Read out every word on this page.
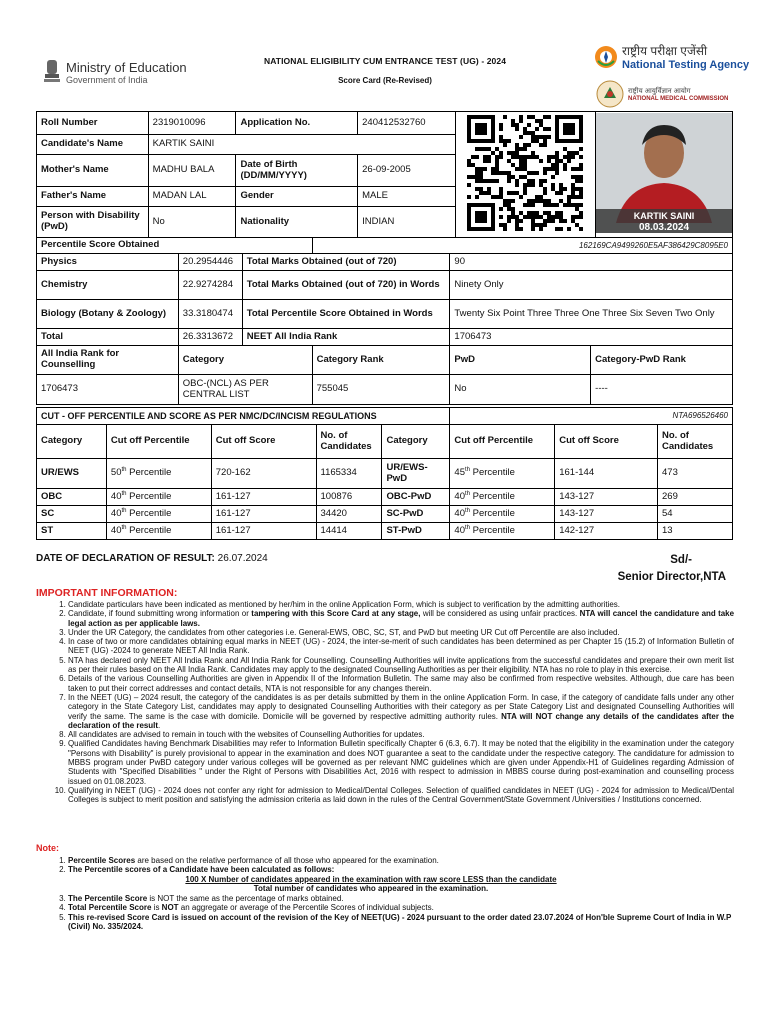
Ministry of Education
Government of India
NATIONAL ELIGIBILITY CUM ENTRANCE TEST (UG) - 2024
Score Card (Re-Revised)
राष्ट्रीय परीक्षा एजेंसी
National Testing Agency
राष्ट्रीय आयुर्विज्ञान आयोग
NATIONAL MEDICAL COMMISSION
Roll Number	2319010096	Application No.	240412532760		KARTIK SAINI
08.03.2024

Candidate's Name	KARTIK SAINI				
Mother's Name	MADHU BALA	Date of Birth (DD/MM/YYYY)	26-09-2005		
Father's Name	MADAN LAL	Gender	MALE		
Person with Disability (PwD)	No	Nationality	INDIAN		
Percentile Score Obtained			162169CA9499260E5AF386429C8095E0		
Physics	20.2954446	Total Marks Obtained (out of 720)		90	
Chemistry	22.9274284	Total Marks Obtained (out of 720) in Words		Ninety Only	
Biology (Botany & Zoology)	33.3180474	Total Percentile Score Obtained in Words		Twenty Six Point Three Three One Three Six Seven Two Only	
Total	26.3313672	NEET All India Rank		1706473	
All India Rank for Counselling	Category		Category Rank	PwD	Category-PwD Rank
1706473	OBC-(NCL) AS PER CENTRAL LIST		755045	No	----
CUT - OFF PERCENTILE AND SCORE AS PER NMC/DC/INCISM REGULATIONS					NTA696526460		
Category	Cut off Percentile	Cut off Score	No. of Candidates	Category	Cut off Percentile	Cut off Score	No. of Candidates
UR/EWS	50th Percentile	720-162	1165334	UR/EWS-PwD	45th Percentile	161-144	473
OBC	40th Percentile	161-127	100876	OBC-PwD	40th Percentile	143-127	269
SC	40th Percentile	161-127	34420	SC-PwD	40th Percentile	143-127	54
ST	40th Percentile	161-127	14414	ST-PwD	40th Percentile	142-127	13
DATE OF DECLARATION OF RESULT: 26.07.2024	Sd/-
Senior Director,NTA
IMPORTANT INFORMATION:
1. Candidate particulars have been indicated as mentioned by her/him in the online Application Form, which is subject to verification by the admitting authorities.
2. Candidate, if found submitting wrong information or tampering with this Score Card at any stage, will be considered as using unfair practices. NTA will cancel the candidature and take legal action as per applicable laws.
3. Under the UR Category, the candidates from other categories i.e. General-EWS, OBC, SC, ST, and PwD but meeting UR Cut off Percentile are also included.
4. In case of two or more candidates obtaining equal marks in NEET (UG) - 2024, the inter-se-merit of such candidates has been determined as per Chapter 15 (15.2) of Information Bulletin of NEET (UG) -2024 to generate NEET All India Rank.
5. NTA has declared only NEET All India Rank and All India Rank for Counselling. Counselling Authorities will invite applications from the successful candidates and prepare their own merit list as per their rules based on the All India Rank. Candidates may apply to the designated Counselling Authorities as per their eligibility. NTA has no role to play in this exercise.
6. Details of the various Counselling Authorities are given in Appendix II of the Information Bulletin. The same may also be confirmed from respective websites. Although, due care has been taken to put their correct addresses and contact details, NTA is not responsible for any changes therein.
7. In the NEET (UG) – 2024 result, the category of the candidates is as per details submitted by them in the online Application Form. In case, if the category of candidate falls under any other category in the State Category List, candidates may apply to designated Counselling Authorities with their category as per State Category List and designated Counselling Authorities will verify the same. The same is the case with domicile. Domicile will be governed by respective admitting authority rules. NTA will NOT change any details of the candidates after the declaration of the result.
8. All candidates are advised to remain in touch with the websites of Counselling Authorities for updates.
9. Qualified Candidates having Benchmark Disabilities may refer to Information Bulletin specifically Chapter 6 (6.3, 6.7). It may be noted that the eligibility in the examination under the category "Persons with Disability" is purely provisional to appear in the examination and does NOT guarantee a seat to the candidate under the respective category. The candidature for admission to MBBS program under PwBD category under various colleges will be governed as per relevant NMC guidelines which are given under Appendix-H1 of Guidelines regarding Admission of Students with "Specified Disabilities " under the Right of Persons with Disabilities Act, 2016 with respect to admission in MBBS course during post-examination and counselling process issued on 01.08.2023.
10. Qualifying in NEET (UG) - 2024 does not confer any right for admission to Medical/Dental Colleges. Selection of qualified candidates in NEET (UG) - 2024 for admission to Medical/Dental Colleges is subject to merit position and satisfying the admission criteria as laid down in the rules of the Central Government/State Government /Universities / Institutions concerned.
Note:
1. Percentile Scores are based on the relative performance of all those who appeared for the examination.
2. The Percentile scores of a Candidate have been calculated as follows:
100 X Number of candidates appeared in the examination with raw score LESS than the candidate
Total number of candidates who appeared in the examination.
3. The Percentile Score is NOT the same as the percentage of marks obtained.
4. Total Percentile Score is NOT an aggregate or average of the Percentile Scores of individual subjects.
5. This re-revised Score Card is issued on account of the revision of the Key of NEET(UG) - 2024 pursuant to the order dated 23.07.2024 of Hon'ble Supreme Court of India in W.P (Civil) No. 335/2024.
